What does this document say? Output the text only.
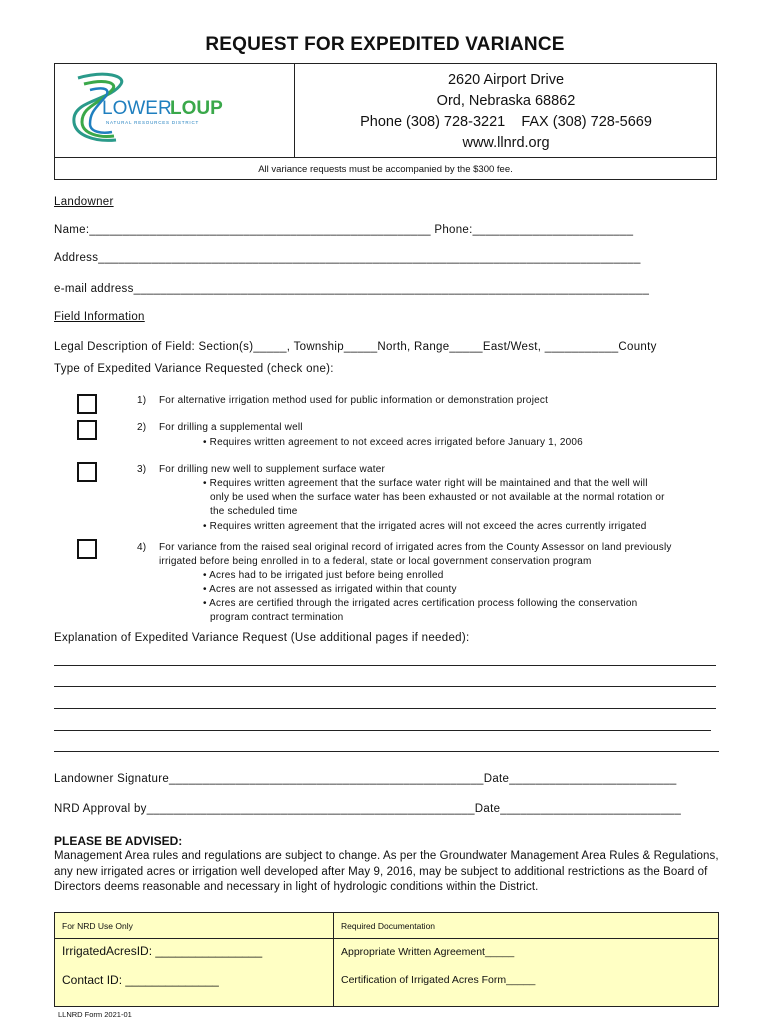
REQUEST FOR EXPEDITED VARIANCE
LOWER
LOUP
NATURAL RESOURCES DISTRICT
2620 Airport Drive
Ord, Nebraska 68862
Phone (308) 728-3221    FAX (308) 728-5669
www.llnrd.org
All variance requests must be accompanied by the $300 fee.
Landowner
Name:___________________________________________________ Phone:________________________
Address_________________________________________________________________________________
e-mail address_____________________________________________________________________________
Field Information
Legal Description of Field: Section(s)_____, Township_____North, Range_____East/West, ___________County
Type of Expedited Variance Requested (check one):
1) For alternative irrigation method used for public information or demonstration project
2) For drilling a supplemental well
• Requires written agreement to not exceed acres irrigated before January 1, 2006
3) For drilling new well to supplement surface water
• Requires written agreement that the surface water right will be maintained and that the well will
only be used when the surface water has been exhausted or not available at the normal rotation or
the scheduled time
• Requires written agreement that the irrigated acres will not exceed the acres currently irrigated
4) For variance from the raised seal original record of irrigated acres from the County Assessor on land previously
irrigated before being enrolled in to a federal, state or local government conservation program
• Acres had to be irrigated just before being enrolled
• Acres are not assessed as irrigated within that county
• Acres are certified through the irrigated acres certification process following the conservation
program contract termination
Explanation of Expedited Variance Request (Use additional pages if needed):
Landowner Signature_______________________________________________Date_________________________
NRD Approval by_________________________________________________Date___________________________
PLEASE BE ADVISED:
Management Area rules and regulations are subject to change. As per the Groundwater Management Area Rules & Regulations, any new irrigated acres or irrigation well developed after May 9, 2016, may be subject to additional restrictions as the Board of Directors deems reasonable and necessary in light of hydrologic conditions within the District.
For NRD Use Only	Required Documentation
IrrigatedAcresID: ________________	Appropriate Written Agreement_____
Contact ID: ______________	Certification of Irrigated Acres Form_____
LLNRD Form 2021-01
